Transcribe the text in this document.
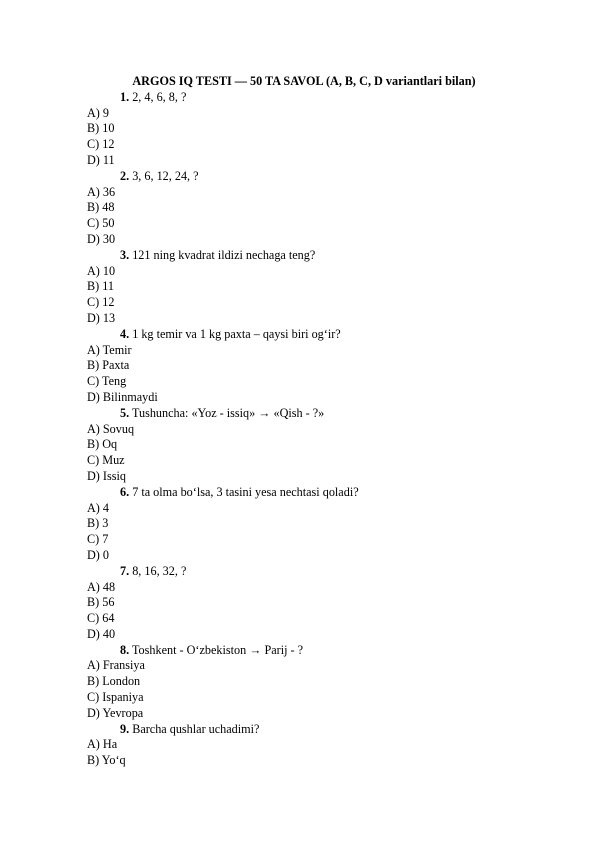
ARGOS IQ TESTI — 50 TA SAVOL (A, B, C, D variantlari bilan)
1. 2, 4, 6, 8, ?
A) 9
B) 10
C) 12
D) 11
2. 3, 6, 12, 24, ?
A) 36
B) 48
C) 50
D) 30
3. 121 ning kvadrat ildizi nechaga teng?
A) 10
B) 11
C) 12
D) 13
4. 1 kg temir va 1 kg paxta – qaysi biri og‘ir?
A) Temir
B) Paxta
C) Teng
D) Bilinmaydi
5. Tushuncha: «Yoz - issiq» → «Qish - ?»
A) Sovuq
B) Oq
C) Muz
D) Issiq
6. 7 ta olma bo‘lsa, 3 tasini yesa nechtasi qoladi?
A) 4
B) 3
C) 7
D) 0
7. 8, 16, 32, ?
A) 48
B) 56
C) 64
D) 40
8. Toshkent - O‘zbekiston → Parij - ?
A) Fransiya
B) London
C) Ispaniya
D) Yevropa
9. Barcha qushlar uchadimi?
A) Ha
B) Yo‘q
